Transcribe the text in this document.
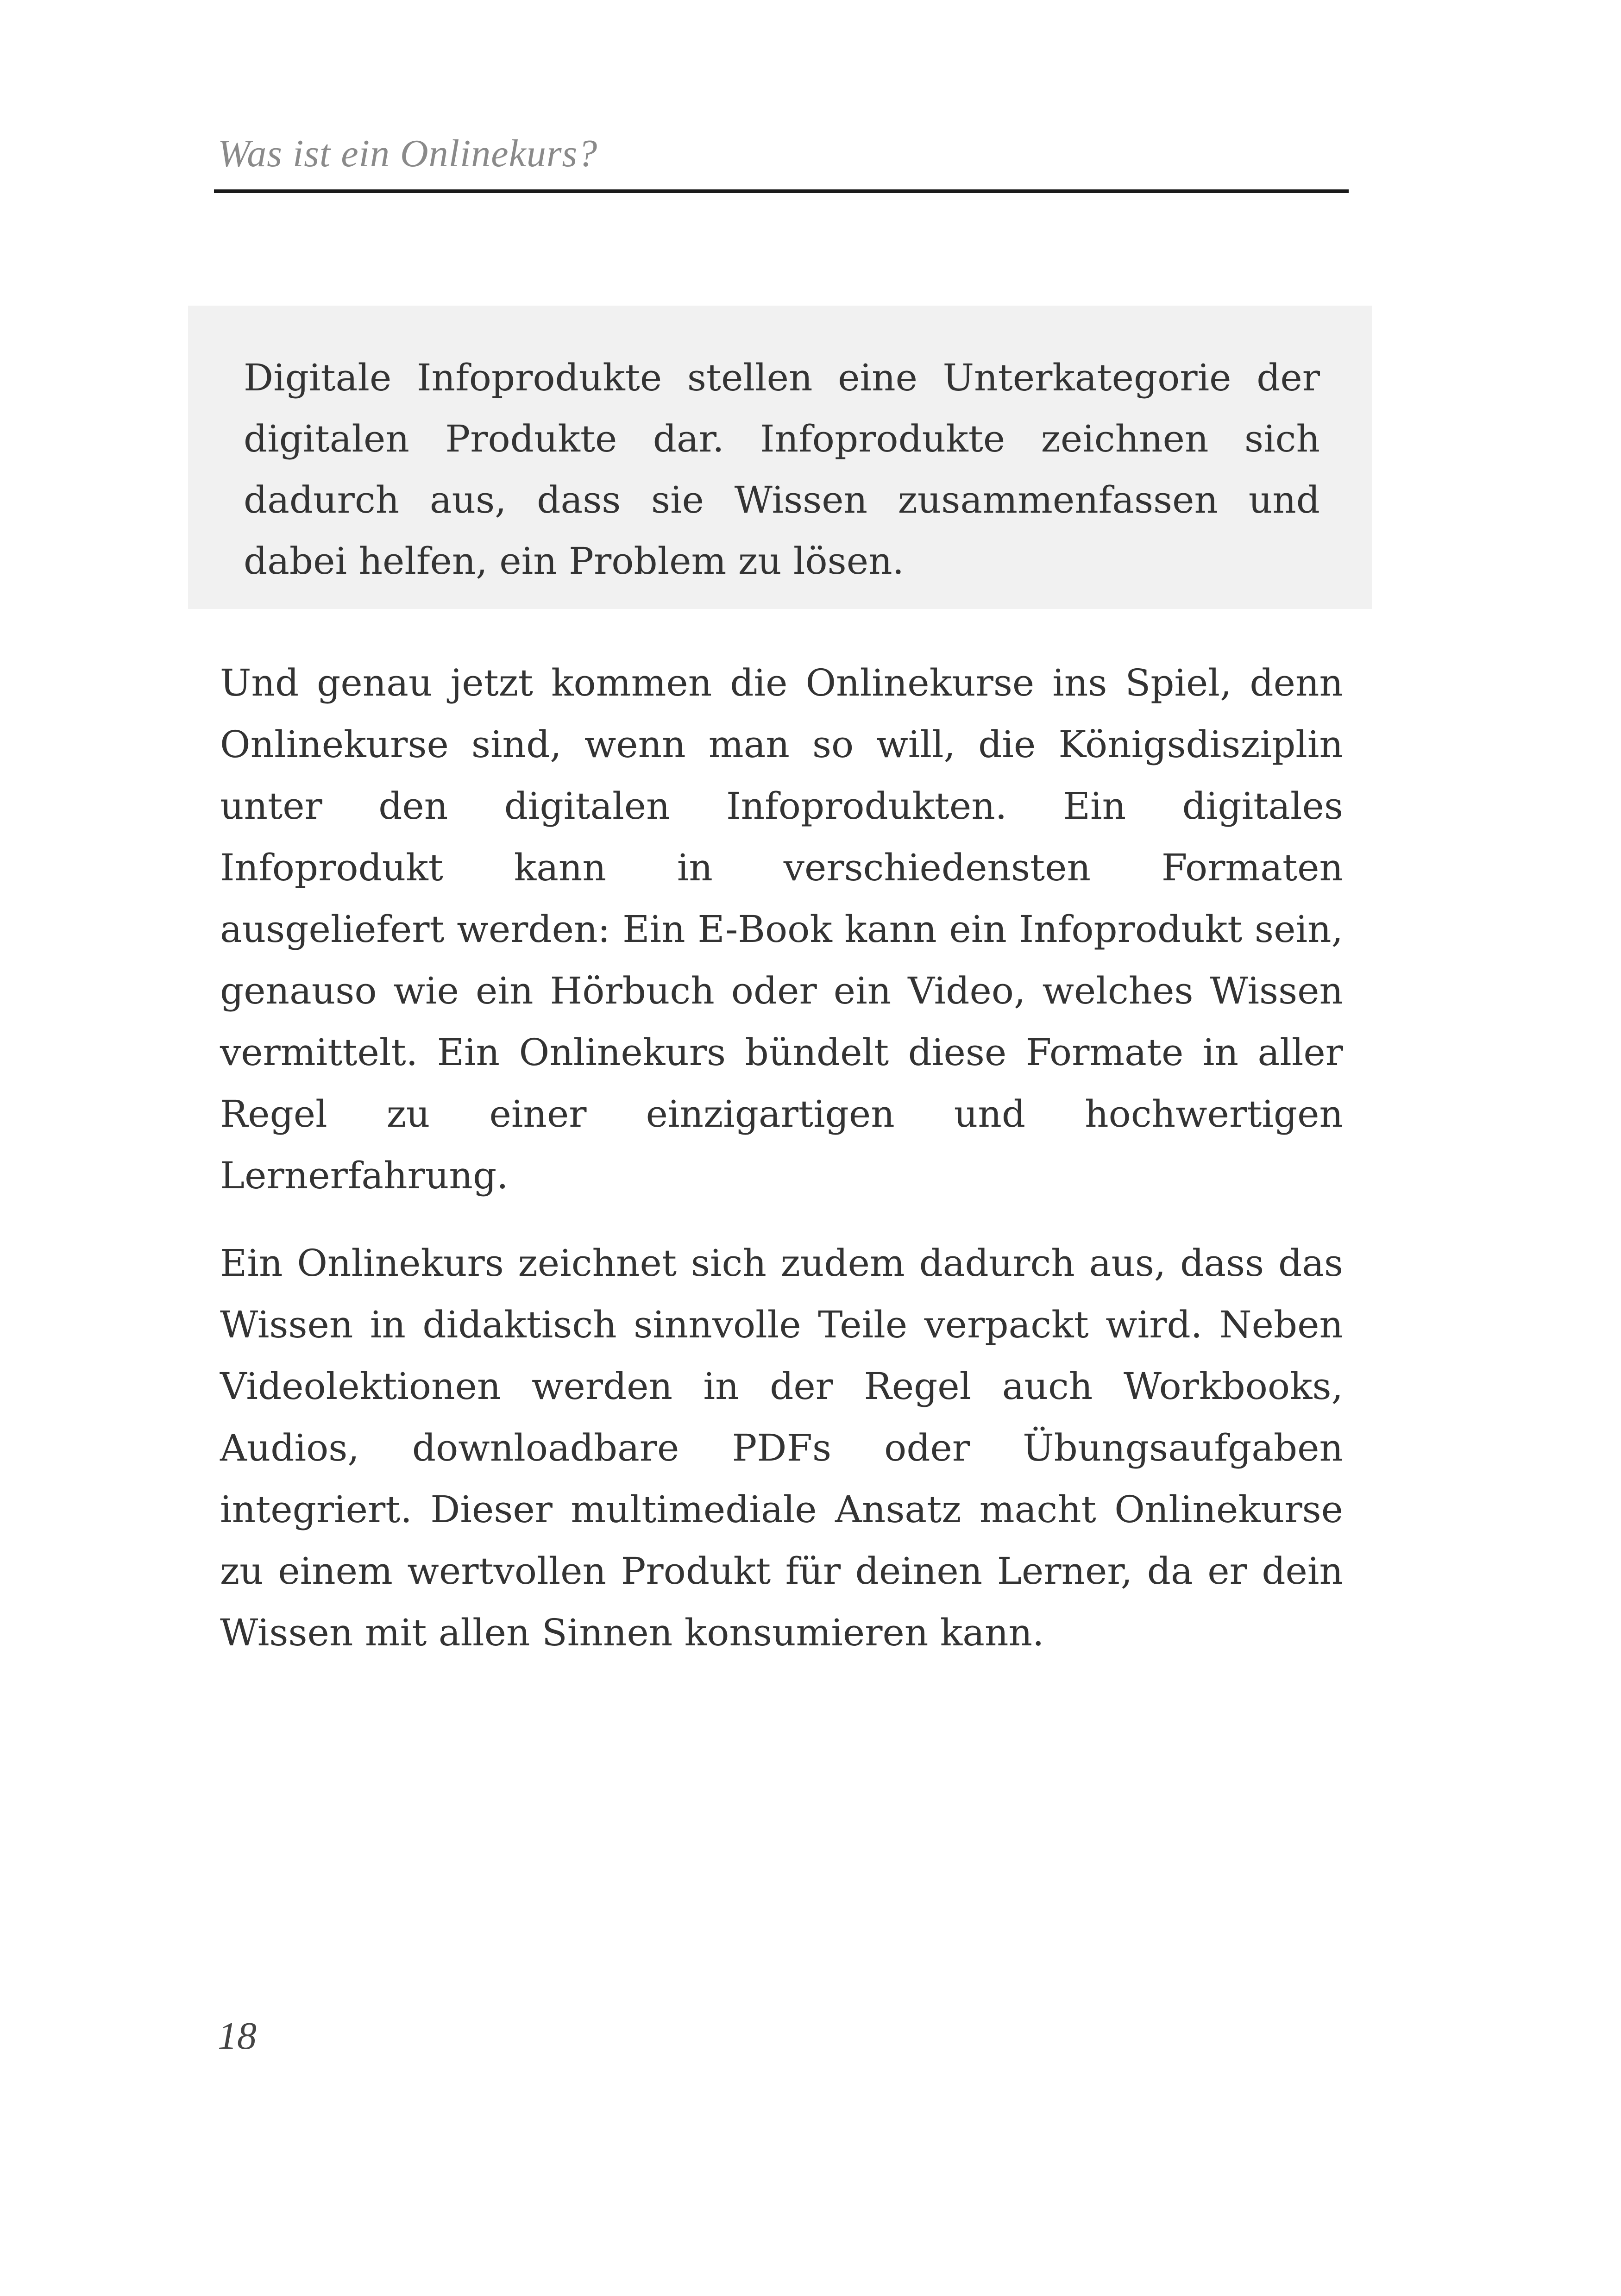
Was ist ein Onlinekurs?

Digitale Infoprodukte stellen eine Unterkategorie der digitalen Produkte dar. Infoprodukte zeichnen sich dadurch aus, dass sie Wissen zusammenfassen und dabei helfen, ein Problem zu lösen.

Und genau jetzt kommen die Onlinekurse ins Spiel, denn Onlinekurse sind, wenn man so will, die Königsdisziplin unter den digitalen Infoprodukten. Ein digitales Infoprodukt kann in verschiedensten Formaten ausgeliefert werden: Ein E-Book kann ein Infoprodukt sein, genauso wie ein Hörbuch oder ein Video, welches Wissen vermittelt. Ein Onlinekurs bündelt diese Formate in aller Regel zu einer einzigartigen und hochwertigen Lernerfahrung.

Ein Onlinekurs zeichnet sich zudem dadurch aus, dass das Wissen in didaktisch sinnvolle Teile verpackt wird. Neben Videolektionen werden in der Regel auch Workbooks, Audios, downloadbare PDFs oder Übungsaufgaben integriert. Dieser multimediale Ansatz macht Onlinekurse zu einem wertvollen Produkt für deinen Lerner, da er dein Wissen mit allen Sinnen konsumieren kann.

18
